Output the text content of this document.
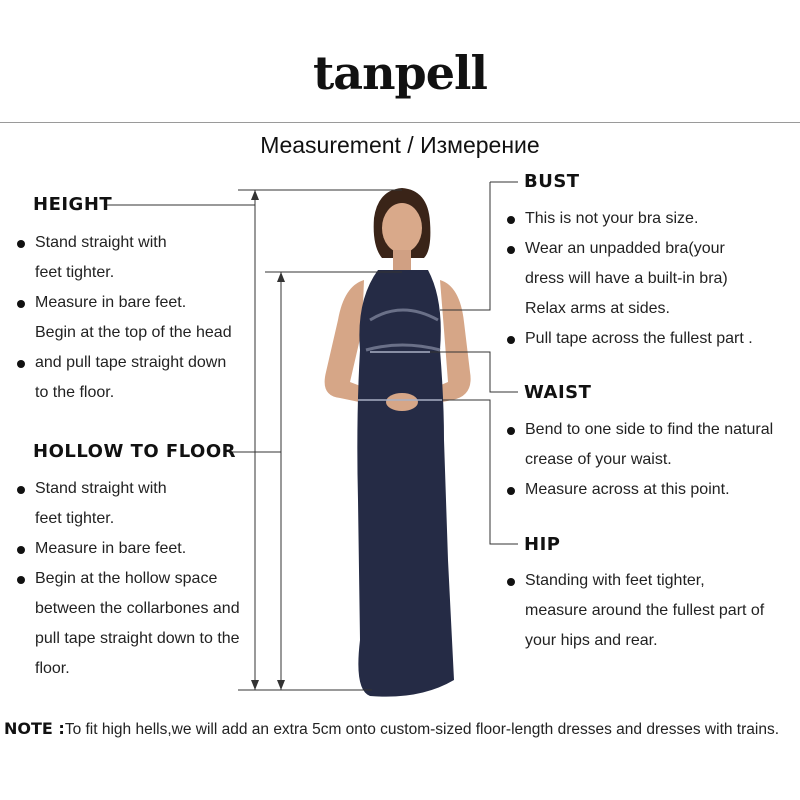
tanpell
Measurement / Измерение
HEIGHT
Stand straight with
feet tighter.
Measure in bare feet.
Begin at the top of the head
and pull tape straight down
to the floor.
HOLLOW TO FLOOR
Stand straight with
feet tighter.
Measure in bare feet.
Begin at the hollow space
between the collarbones and
pull tape straight down to the
floor.
BUST
This is not your bra size.
Wear an unpadded bra(your
dress will have a built-in bra)
Relax arms at sides.
Pull tape across the fullest part .
WAIST
Bend to one side to find the natural
crease of your waist.
Measure across at this point.
HIP
Standing with feet tighter,
measure around the fullest part of
your hips and rear.
NOTE :To fit high hells,we will add an extra 5cm onto custom-sized floor-length dresses and dresses with trains.
